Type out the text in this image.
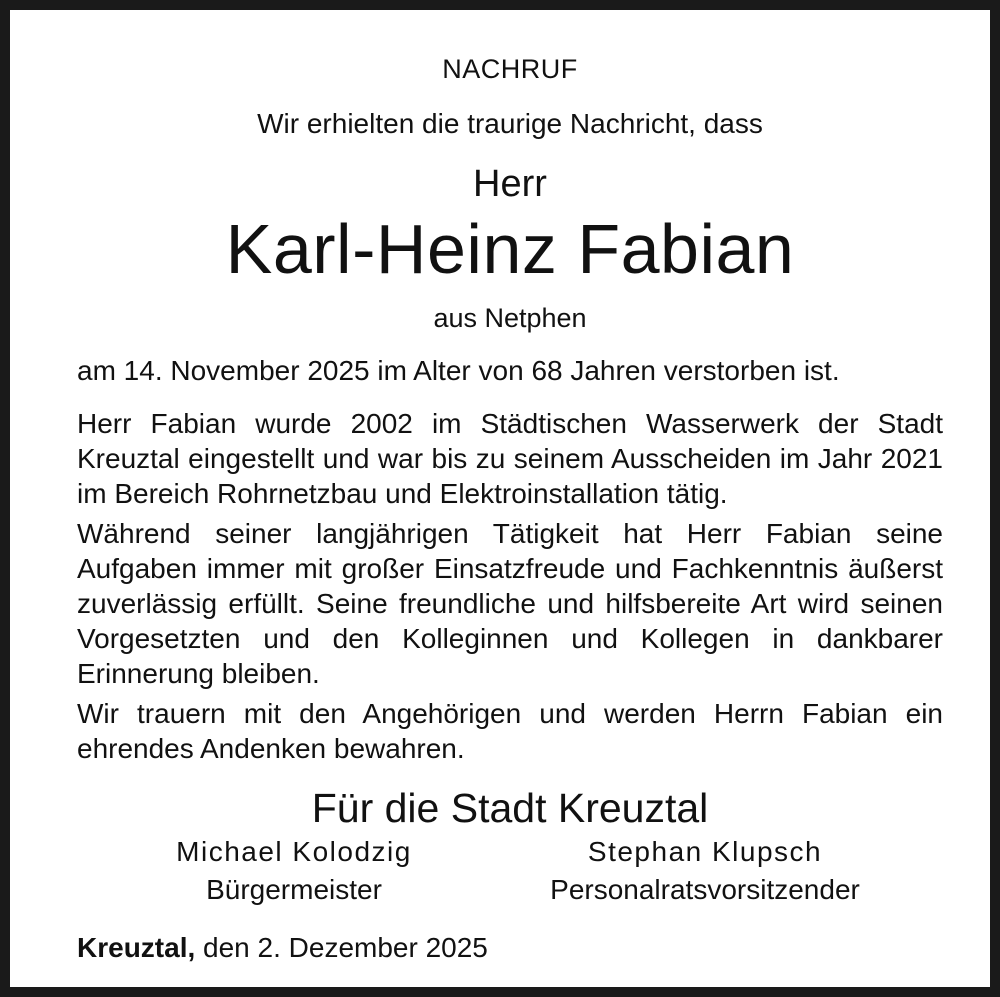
NACHRUF
Wir erhielten die traurige Nachricht, dass
Herr
Karl-Heinz Fabian
aus Netphen
am 14. November 2025 im Alter von 68 Jahren verstorben ist.
Herr Fabian wurde 2002 im Städtischen Wasserwerk der Stadt Kreuztal eingestellt und war bis zu seinem Ausscheiden im Jahr 2021 im Bereich Rohrnetzbau und Elektroinstallation tätig.
Während seiner langjährigen Tätigkeit hat Herr Fabian seine Aufgaben immer mit großer Einsatzfreude und Fachkenntnis äußerst zuverlässig erfüllt. Seine freundliche und hilfsbereite Art wird seinen Vorgesetzten und den Kolleginnen und Kollegen in dankbarer Erinnerung bleiben.
Wir trauern mit den Angehörigen und werden Herrn Fabian ein ehrendes Andenken bewahren.
Für die Stadt Kreuztal
Michael Kolodzig
Bürgermeister
Stephan Klupsch
Personalratsvorsitzender
Kreuztal, den 2. Dezember 2025
